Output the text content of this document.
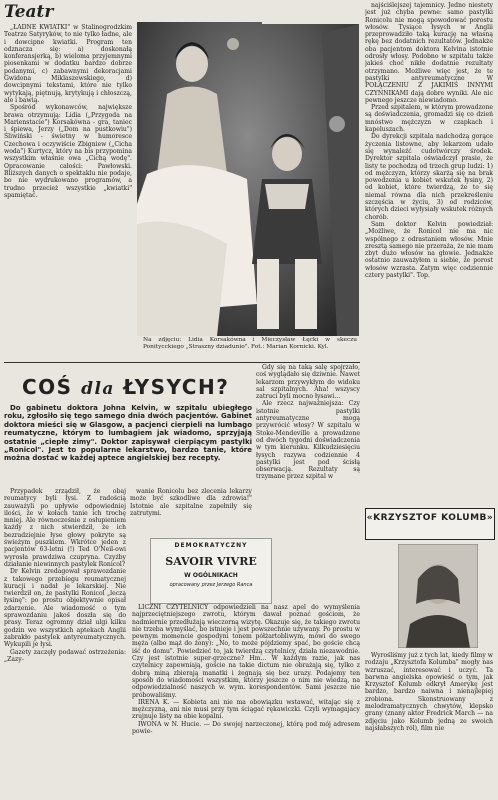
Teatr

„ŁADNE KWIATKI" w Stalinogrodzkim Teatrze Satyryków, to nie tylko ładne, ale i dowcipne kwiatki. Program ten odznacza się: a) doskonałą konferansjerką, b) wieloma przyjemnymi piosenkami w dodatku bardzo dobrze podanymi, c) zabawnymi dekoracjami Gwidona Miklaszewskiego, d) dowcipnymi tekstami, które nie tylko wytykają, piętnują, krytykują i chłoszczą, ale i bawią.

Spośród wykonawców, największe brawa otrzymują: Lidia („Przygoda na Marienstacie") Korsakówna - gra, taniec i śpiewa, Jerzy („Dom na pustkowiu") Śliwiński - świetny w humoresce Czechowa i oczywiście Zbigniew („Cicha woda") Kurtycz, który na bis przypomina wszystkim właśnie owa „Cichą wodę". Opracowanie całości: Pawłowski. Bliższych danych o spektaklu nie podaje, bo nie wydrukowano programów, a trudno przecież wszystkie „kwiatki" spamiętać.

Na zdjęciu: Lidia Korsakówna i Mieczysław Łęcki w skeczu Ponitycckiego „Straszny dziadunio". Fot.: Marian Kornicki. Kyl.

najściślejszej tajemnicy. Jedno niestety jest już chyba pewne: samo pastylki Ronicolu nie mogą spowodować porostu włosów. Tysiące łysych w Anglii przeprowadziło taką kurację na własną rękę bez dodatnich rezultatów. Jednakże oba pacjentom doktora Kelvina istotnie odrosły włosy. Podobno w szpitalu także jakieś choć nikłe dodatnie rezultaty otrzymano. Możliwe więc jest, że te pastylki antyreumatyczne W POŁĄCZENIU Z JAKIMIŚ INNYMI CZYNNIKAMI dają dobre wyniki. Ale nic pewnego jeszcze niewiadomo.

Przed szpitalem, w którym prowadzone są doświadczenia, gromadzi się co dzień mnóstwo mężczyzn w czapkach i kapeluszach.

Do dyrekcji szpitala nadchodzą gorące życzenia listowne, aby lekarzom udało się wynaleźć cudotwórczy środek. Dyrektor szpitala oświadczył prasie, że listy te pochodzą od trzech grup ludzi: 1) od mężczyzn, którzy skarżą się na brak powodzenia u kobiet wskutek łysiny, 2) od kobiet, które twierdzą, że to się niemal równa dla nich przekreśleniu szczęścia w życiu, 3) od rodziców, których dzieci wyłysiały wskutek różnych chorób.

Sam doktor Kelvin powiedział: „Możliwe, że Ronicol nie ma nic wspólnego z odrastaniem włosów. Mnie zresztą samego nie przeraża, że nie mam zbyt dużo włosów na głowie. Jednakże ostatnio zauważyłem u siebie, że porost włosów wzrasta. Zatym więc codziennie cztery pastylki". Top.

COŚ dla ŁYSYCH?

Do gabinetu doktora Johna Kelvin, w szpitalu ubiegłego roku, zgłosiło się tego samego dnia dwóch pacjentów. Gabinet doktora mieści się w Glasgow, a pacjenci cierpieli na lumbago reumatyczne, którym to lumbagiem jak wiadomo, sprzyjają ostatnie „ciepłe zimy". Doktor zapisywał cierpiącym pastylki „Ronicol". Jest to popularne lekarstwo, bardzo tanie, które można dostać w każdej aptece angielskiej bez recepty.

Przypadek zrządził, że obaj reumatycy byli łysi. Z radością zauważyli po upływie odpowiedniej ilości, że w kołach tanie ich trochę mniej. Ale równocześnie z osłupieniem każdy z nich stwierdził, że ich bezradziejnie łyse głowy pokryte są świeżym puszkiem. Wkrótce jeden z pacjentów 63-letni (!) Ted O'Neil-owi wyrosła prawdziwa czupryna. Czyżby działanie niewinnych pastylek Ronicol?

Dr Kelvin zredagował sprawozdanie z takowego przebiegu reumatycznej kuracji i nadał je lekarskiej. Nie twierdził on, że pastylki Ronicol „leczą łysinę": po prostu objektywnie opisał zdarzenie. Ale wiadomość o tym sprawozdaniu jakoś doszła się do prasy. Teraz ogromny dział ulgi kilku godzin we wszystkich aptekach Anglii zabrakło pastylek antyreumatycznych. Wykupili je łysi.

Gazety zaczęły podawać ostrzeżenia: „Zazy-

wanie Ronicolu bez zlecenia lekarzy może być szkodliwe dla zdrowia!" Istotnie ale szpitalne zapełniły się zatrutymi.

Gdy się na taką salę spojrzało, coś wyglądało się dziwnie. Nawet lekarzom przywykłym do widoku sal szpitalnych. Aha! wszyscy zatruci byli mocno łysawi...

Ale rzecz najważniejsza: Czy istotnie pastylki antyreumatyczne mogą przywrócić włosy? W szpitalu w Stoke-Mendeville a prowadzone od dwóch tygodni doświadczenia w tym kierunku. Kilkudziesięciu łysych razywa codziennie 4 pastylki jest pod ścisłą obserwacją. Rezultaty są trzymane przez szpital w

DEMOKRATYCZNY
SAVOIR VIVRE
W OGÓLNIKACH
opracowany przez Jerzego Ranca

LICZNI CZYTELNICY odpowiedzieli na nasz apel do wymyślenia najprzeciętniejszego zwrotu, którym dawał poznać gościom, że nadmiernie przedłużają wieczorną wizytę. Okazuje się, że takiego zwrotu nie trzeba wymyślać, bo istnieje i jest powszechnie używany. Po prostu w pewnym momencie gospodyni tonem półżartobliwym, mówi do swego męża (albo mąż do żony): „No, to może pójdziemy spać, bo goście chcą iść do domu". Powiedzieć to, jak twierdzą czytelnicy, działa niezawodnie. Czy jest istotnie super-grzeczne? Hm... W każdym razie, jak nas czytelnicy zapewniają, goście na takie dictum nie obrażają się, tylko z dobrą miną zbierają manatki i żegnają się bez urazy. Podajemy ten sposób do wiadomości wszystkim, którzy jeszcze o nim nie wiedzą, na odpowiedzialność naszych w. wym. korespondentów. Sami jeszcze nie próbowaliśmy.

IRENA K. — Kobieta ani nie ma obowiązku wstawać, witając się z mężczyzną, ani nie musi przy tym ściągać rękawiczki. Czyli wymagajacy zrujnuje listy na obie kopalni.

IWONA w N. Hucie. — Do swojej narzeczonej, którą pod mój adresem powie-

«KRZYSZTOF KOLUMB»

Wyrośliśmy już z tych lat, kiedy filmy w rodzaju „Krzysztofa Kolumba" mogły nas wzruszać, interesować i uczyć. Ta barwna angielska opowieść o tym, jak Krzysztof Kolumb odkrył Amerykę jest bardzo, bardzo naiwna i nienajlepiej zrobiona. Skonstruowany z melodramatycznych chwytów, klepsko grany (znany aktor Fredrick March — na zdjęciu jako Kolumb jedną ze swoich najsłabszych ról), film nie
